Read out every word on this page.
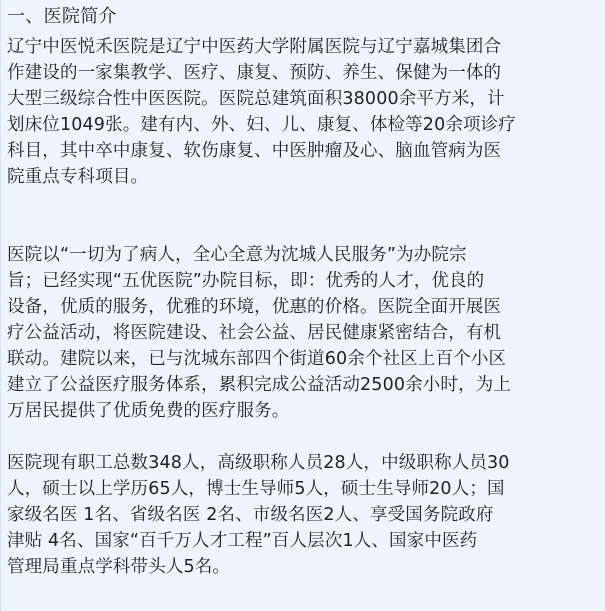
一、医院简介
辽宁中医悦禾医院是辽宁中医药大学附属医院与辽宁嘉城集团合
作建设的一家集教学、医疗、康复、预防、养生、保健为一体的
大型三级综合性中医医院。医院总建筑面积38000余平方米，计
划床位1049张。建有内、外、妇、儿、康复、体检等20余项诊疗
科目，其中卒中康复、软伤康复、中医肿瘤及心、脑血管病为医
院重点专科项目。
医院以“一切为了病人，全心全意为沈城人民服务”为办院宗
旨；已经实现“五优医院”办院目标，即：优秀的人才，优良的
设备，优质的服务，优雅的环境，优惠的价格。医院全面开展医
疗公益活动，将医院建设、社会公益、居民健康紧密结合，有机
联动。建院以来，已与沈城东部四个街道60余个社区上百个小区
建立了公益医疗服务体系，累积完成公益活动2500余小时，为上
万居民提供了优质免费的医疗服务。
医院现有职工总数348人，高级职称人员28人，中级职称人员30
人，硕士以上学历65人，博士生导师5人，硕士生导师20人；国
家级名医 1名、省级名医 2名、市级名医2人、享受国务院政府
津贴 4名、国家“百千万人才工程”百人层次1人、国家中医药
管理局重点学科带头人5名。
